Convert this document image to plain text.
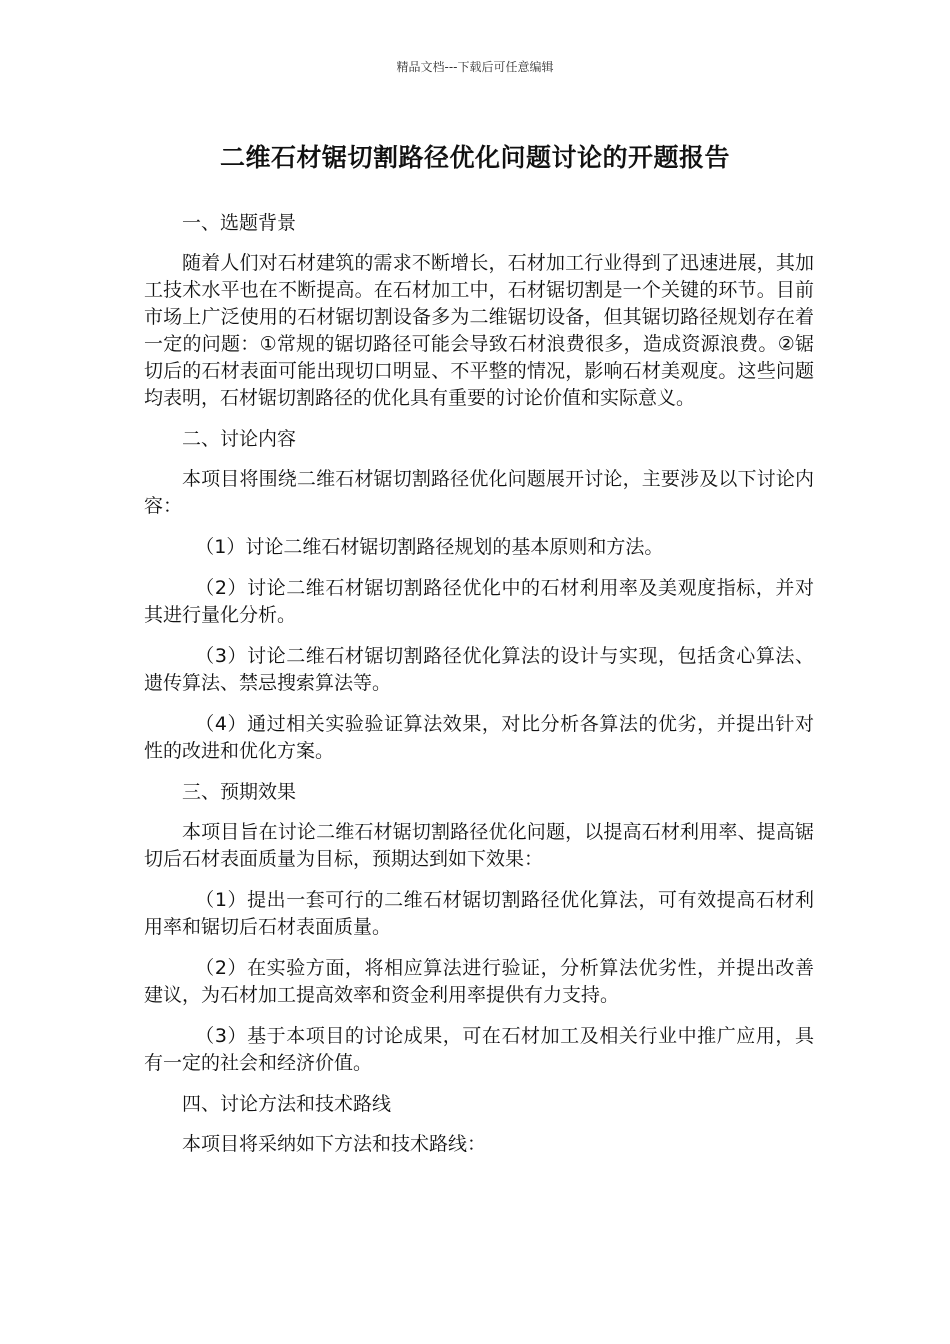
精品文档---下载后可任意编辑
二维石材锯切割路径优化问题讨论的开题报告
一、选题背景
随着人们对石材建筑的需求不断增长，石材加工行业得到了迅速进展，其加工技术水平也在不断提高。在石材加工中，石材锯切割是一个关键的环节。目前市场上广泛使用的石材锯切割设备多为二维锯切设备，但其锯切路径规划存在着一定的问题：①常规的锯切路径可能会导致石材浪费很多，造成资源浪费。②锯切后的石材表面可能出现切口明显、不平整的情况，影响石材美观度。这些问题均表明，石材锯切割路径的优化具有重要的讨论价值和实际意义。
二、讨论内容
本项目将围绕二维石材锯切割路径优化问题展开讨论，主要涉及以下讨论内容：
（1）讨论二维石材锯切割路径规划的基本原则和方法。
（2）讨论二维石材锯切割路径优化中的石材利用率及美观度指标，并对其进行量化分析。
（3）讨论二维石材锯切割路径优化算法的设计与实现，包括贪心算法、遗传算法、禁忌搜索算法等。
（4）通过相关实验验证算法效果，对比分析各算法的优劣，并提出针对性的改进和优化方案。
三、预期效果
本项目旨在讨论二维石材锯切割路径优化问题，以提高石材利用率、提高锯切后石材表面质量为目标，预期达到如下效果：
（1）提出一套可行的二维石材锯切割路径优化算法，可有效提高石材利用率和锯切后石材表面质量。
（2）在实验方面，将相应算法进行验证，分析算法优劣性，并提出改善建议，为石材加工提高效率和资金利用率提供有力支持。
（3）基于本项目的讨论成果，可在石材加工及相关行业中推广应用，具有一定的社会和经济价值。
四、讨论方法和技术路线
本项目将采纳如下方法和技术路线：
